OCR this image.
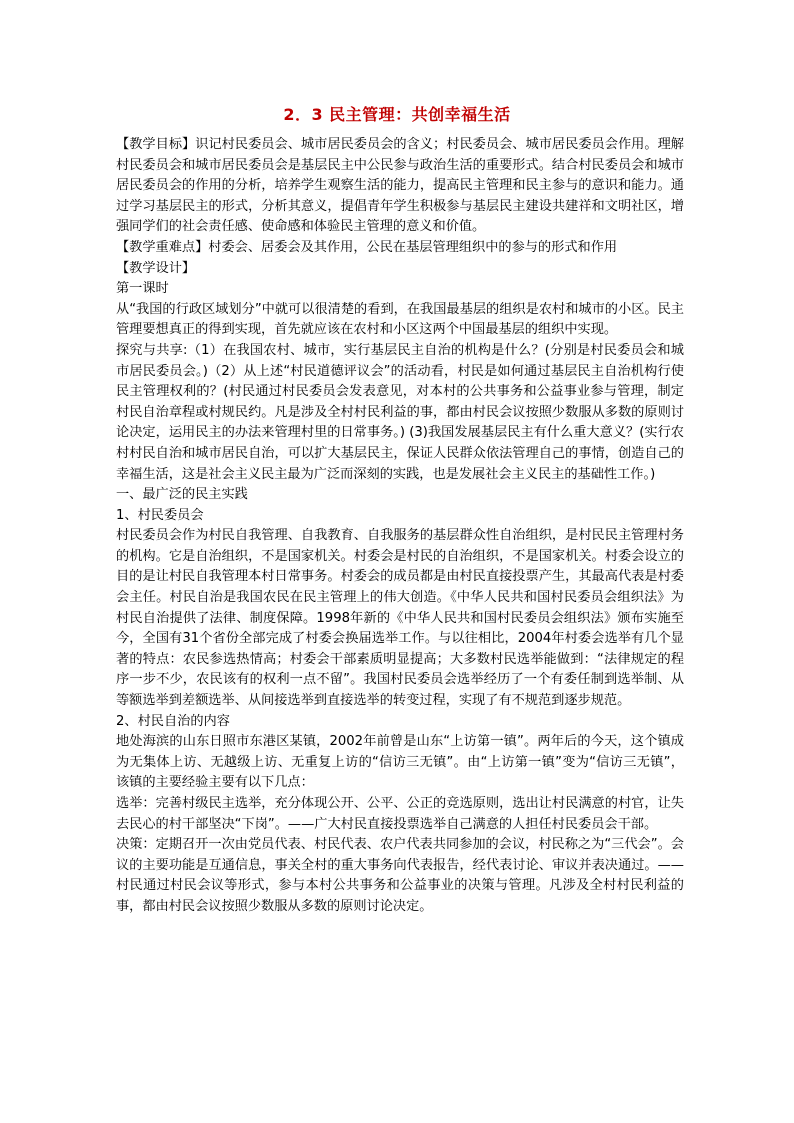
2．3 民主管理：共创幸福生活

【教学目标】识记村民委员会、城市居民委员会的含义；村民委员会、城市居民委员会作用。理解村民委员会和城市居民委员会是基层民主中公民参与政治生活的重要形式。结合村民委员会和城市居民委员会的作用的分析，培养学生观察生活的能力，提高民主管理和民主参与的意识和能力。通过学习基层民主的形式，分析其意义，提倡青年学生积极参与基层民主建设共建祥和文明社区，增强同学们的社会责任感、使命感和体验民主管理的意义和价值。

【教学重难点】村委会、居委会及其作用，公民在基层管理组织中的参与的形式和作用

【教学设计】

第一课时

从“我国的行政区域划分”中就可以很清楚的看到，在我国最基层的组织是农村和城市的小区。民主管理要想真正的得到实现，首先就应该在农村和小区这两个中国最基层的组织中实现。

探究与共享:（1）在我国农村、城市，实行基层民主自治的机构是什么？(分别是村民委员会和城市居民委员会。)（2）从上述“村民道德评议会”的活动看，村民是如何通过基层民主自治机构行使民主管理权利的？(村民通过村民委员会发表意见，对本村的公共事务和公益事业参与管理，制定村民自治章程或村规民约。凡是涉及全村村民利益的事，都由村民会议按照少数服从多数的原则讨论决定，运用民主的办法来管理村里的日常事务。) (3)我国发展基层民主有什么重大意义？(实行农村村民自治和城市居民自治，可以扩大基层民主，保证人民群众依法管理自己的事情，创造自己的幸福生活，这是社会主义民主最为广泛而深刻的实践，也是发展社会主义民主的基础性工作。)

一、最广泛的民主实践

1、村民委员会

村民委员会作为村民自我管理、自我教育、自我服务的基层群众性自治组织，是村民民主管理村务的机构。它是自治组织，不是国家机关。村委会是村民的自治组织，不是国家机关。村委会设立的目的是让村民自我管理本村日常事务。村委会的成员都是由村民直接投票产生，其最高代表是村委会主任。村民自治是我国农民在民主管理上的伟大创造。《中华人民共和国村民委员会组织法》为村民自治提供了法律、制度保障。1998年新的《中华人民共和国村民委员会组织法》颁布实施至今，全国有31个省份全部完成了村委会换届选举工作。与以往相比，2004年村委会选举有几个显著的特点：农民参选热情高；村委会干部素质明显提高；大多数村民选举能做到：“法律规定的程序一步不少，农民该有的权利一点不留”。我国村民委员会选举经历了一个有委任制到选举制、从等额选举到差额选举、从间接选举到直接选举的转变过程，实现了有不规范到逐步规范。

2、村民自治的内容

地处海滨的山东日照市东港区某镇，2002年前曾是山东“上访第一镇”。两年后的今天，这个镇成为无集体上访、无越级上访、无重复上访的“信访三无镇”。由“上访第一镇”变为“信访三无镇”，该镇的主要经验主要有以下几点：

选举：完善村级民主选举，充分体现公开、公平、公正的竞选原则，选出让村民满意的村官，让失去民心的村干部坚决“下岗”。——广大村民直接投票选举自己满意的人担任村民委员会干部。

决策：定期召开一次由党员代表、村民代表、农户代表共同参加的会议，村民称之为“三代会”。会议的主要功能是互通信息，事关全村的重大事务向代表报告，经代表讨论、审议并表决通过。——村民通过村民会议等形式，参与本村公共事务和公益事业的决策与管理。凡涉及全村村民利益的事，都由村民会议按照少数服从多数的原则讨论决定。
